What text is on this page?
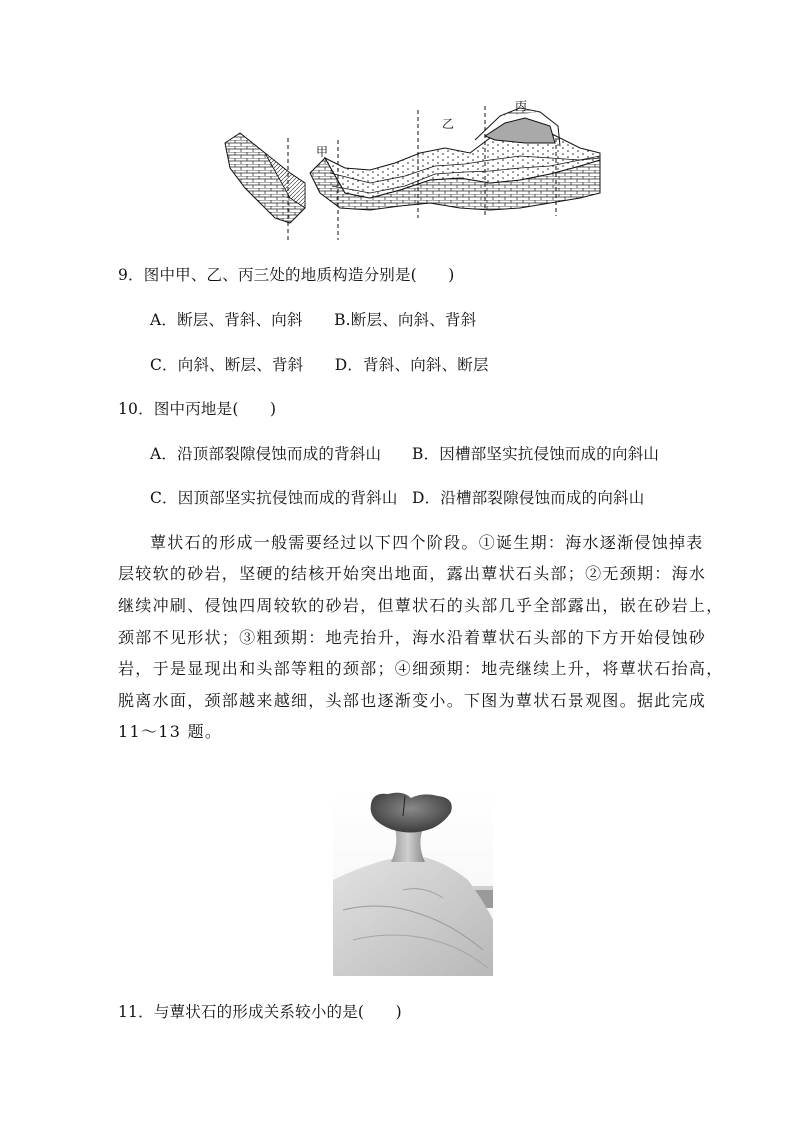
甲
乙
丙
9．图中甲、乙、丙三处的地质构造分别是(　　)
A．断层、背斜、向斜　　B.断层、向斜、背斜
C．向斜、断层、背斜　　D．背斜、向斜、断层
10．图中丙地是(　　)
A．沿顶部裂隙侵蚀而成的背斜山 B．因槽部坚实抗侵蚀而成的向斜山
C．因顶部坚实抗侵蚀而成的背斜山 D．沿槽部裂隙侵蚀而成的向斜山
蕈状石的形成一般需要经过以下四个阶段。①诞生期：海水逐渐侵蚀掉表
层较软的砂岩，坚硬的结核开始突出地面，露出蕈状石头部；②无颈期：海水
继续冲刷、侵蚀四周较软的砂岩，但蕈状石的头部几乎全部露出，嵌在砂岩上，
颈部不见形状；③粗颈期：地壳抬升，海水沿着蕈状石头部的下方开始侵蚀砂
岩，于是显现出和头部等粗的颈部；④细颈期：地壳继续上升，将蕈状石抬高，
脱离水面，颈部越来越细，头部也逐渐变小。下图为蕈状石景观图。据此完成
11～13 题。
11．与蕈状石的形成关系较小的是(　　)
